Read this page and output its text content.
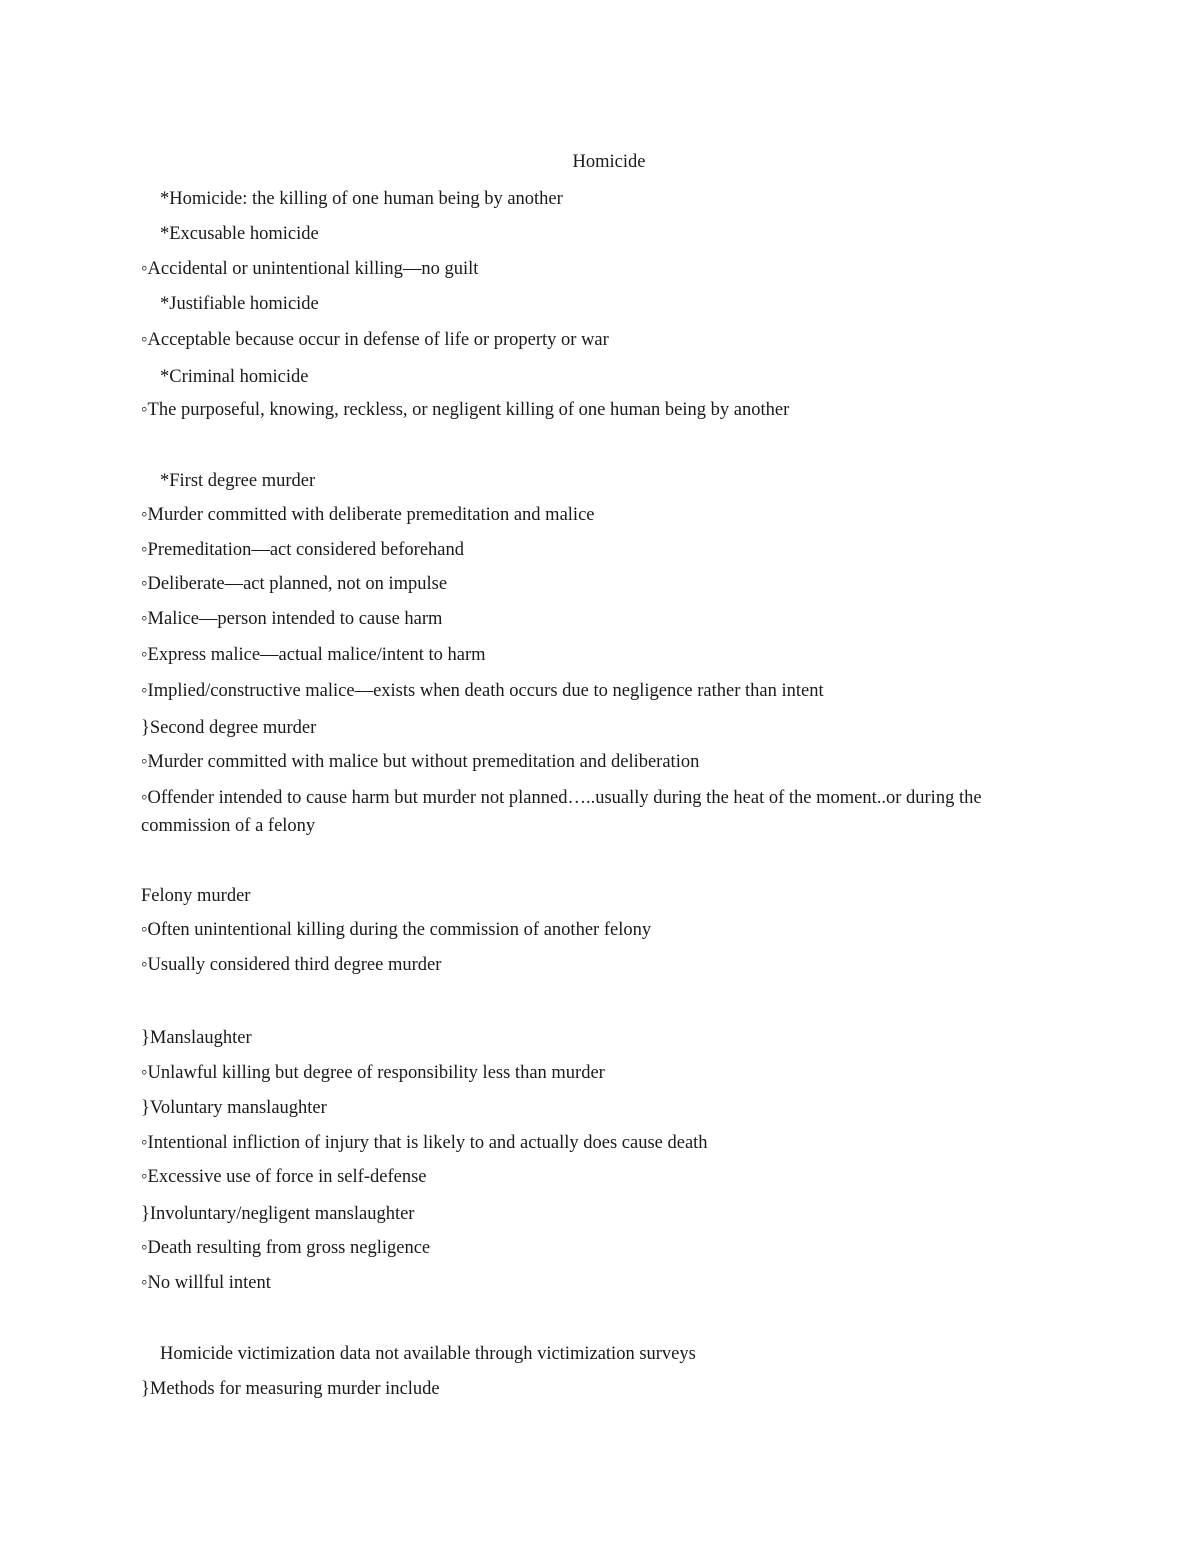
Homicide
*Homicide: the killing of one human being by another
*Excusable homicide
◦Accidental or unintentional killing—no guilt
*Justifiable homicide
◦Acceptable because occur in defense of life or property or war
*Criminal homicide
◦The purposeful, knowing, reckless, or negligent killing of one human being by another
*First degree murder
◦Murder committed with deliberate premeditation and malice
◦Premeditation—act considered beforehand
◦Deliberate—act planned, not on impulse
◦Malice—person intended to cause harm
◦Express malice—actual malice/intent to harm
◦Implied/constructive malice—exists when death occurs due to negligence rather than intent
}Second degree murder
◦Murder committed with malice but without premeditation and deliberation
◦Offender intended to cause harm but murder not planned…..usually during the heat of the moment..or during the commission of a felony
Felony murder
◦Often unintentional killing during the commission of another felony
◦Usually considered third degree murder
}Manslaughter
◦Unlawful killing but degree of responsibility less than murder
}Voluntary manslaughter
◦Intentional infliction of injury that is likely to and actually does cause death
◦Excessive use of force in self-defense
}Involuntary/negligent manslaughter
◦Death resulting from gross negligence
◦No willful intent
Homicide victimization data not available through victimization surveys
}Methods for measuring murder include
